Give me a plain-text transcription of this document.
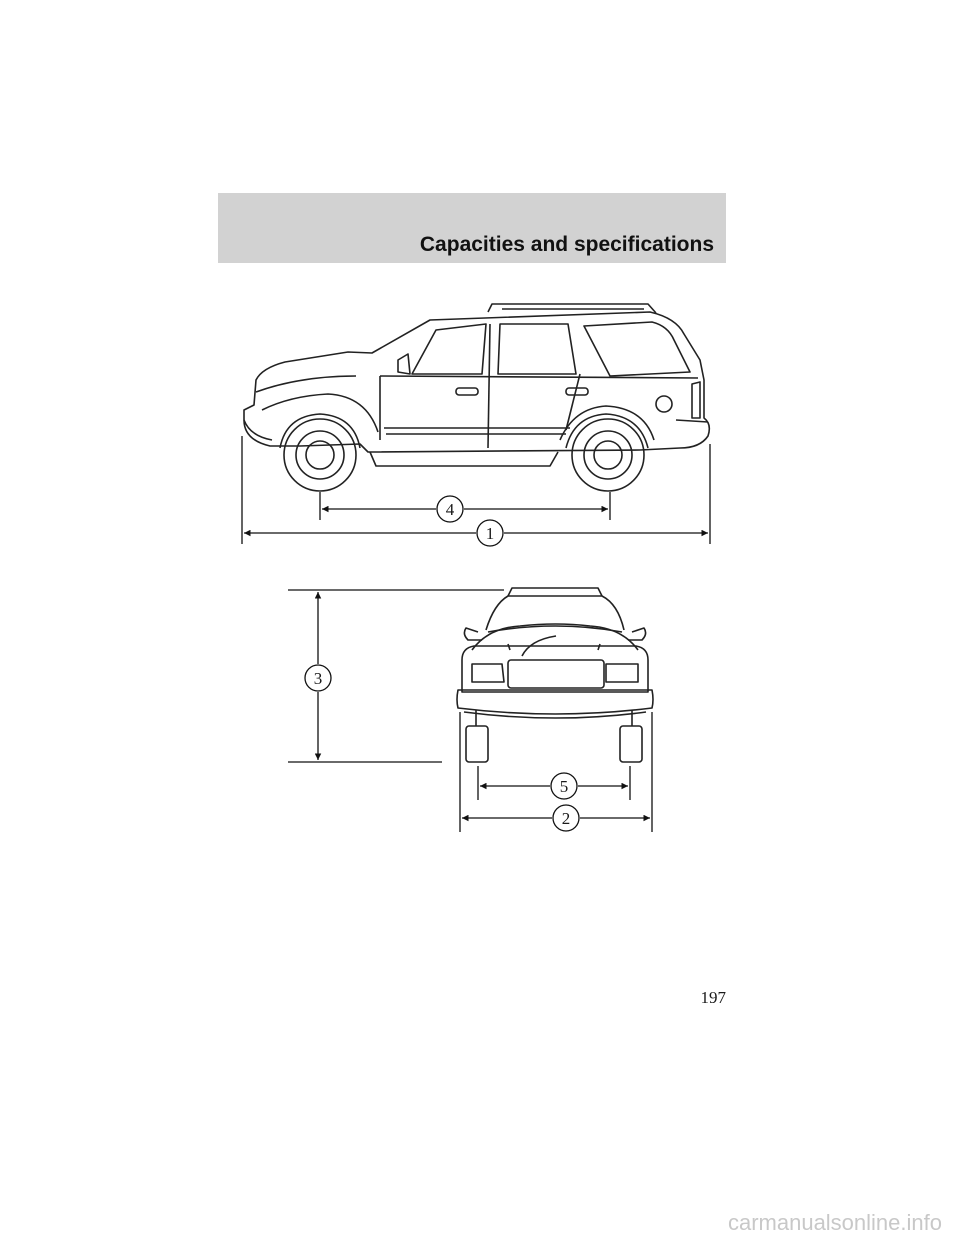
Capacities and specifications
1
4
3
5
2
197
carmanualsonline.info
